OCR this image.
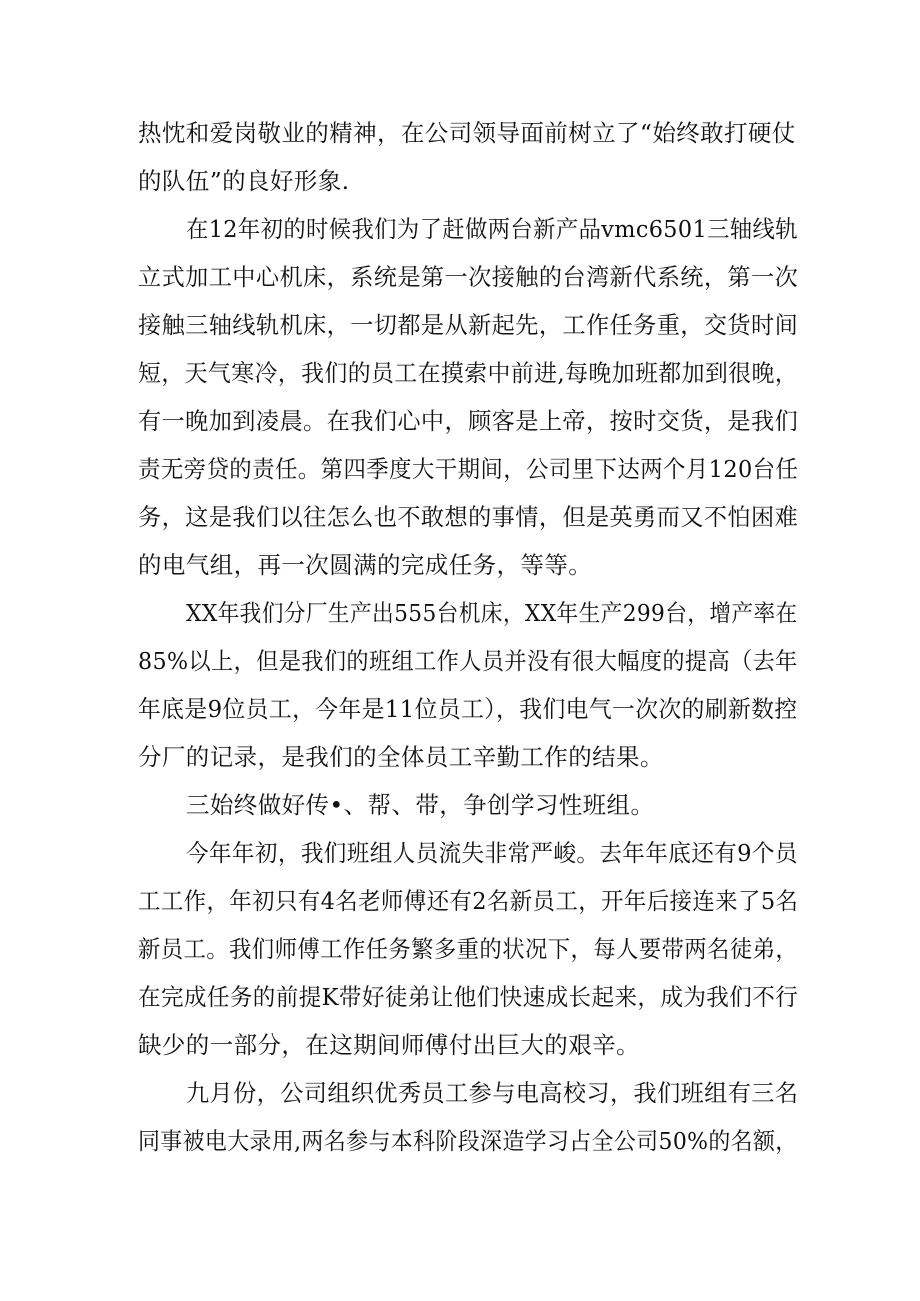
热忱和爱岗敬业的精神，在公司领导面前树立了“始终敢打硬仗
的队伍”的良好形象.
在12年初的时候我们为了赶做两台新产品vmc6501三轴线轨
立式加工中心机床，系统是第一次接触的台湾新代系统，第一次
接触三轴线轨机床，一切都是从新起先，工作任务重，交货时间
短，天气寒冷，我们的员工在摸索中前进,每晚加班都加到很晚，
有一晚加到凌晨。在我们心中，顾客是上帝，按时交货，是我们
责无旁贷的责任。第四季度大干期间，公司里下达两个月120台任
务，这是我们以往怎么也不敢想的事情，但是英勇而又不怕困难
的电气组，再一次圆满的完成任务，等等。
XX年我们分厂生产出555台机床，XX年生产299台，增产率在
85%以上，但是我们的班组工作人员并没有很大幅度的提高（去年
年底是9位员工，今年是11位员工），我们电气一次次的刷新数控
分厂的记录，是我们的全体员工辛勤工作的结果。
三始终做好传•、帮、带，争创学习性班组。
今年年初，我们班组人员流失非常严峻。去年年底还有9个员
工工作，年初只有4名老师傅还有2名新员工，开年后接连来了5名
新员工。我们师傅工作任务繁多重的状况下，每人要带两名徒弟，
在完成任务的前提K带好徒弟让他们快速成长起来，成为我们不行
缺少的一部分，在这期间师傅付出巨大的艰辛。
九月份，公司组织优秀员工参与电高校习，我们班组有三名
同事被电大录用,两名参与本科阶段深造学习占全公司50%的名额，
